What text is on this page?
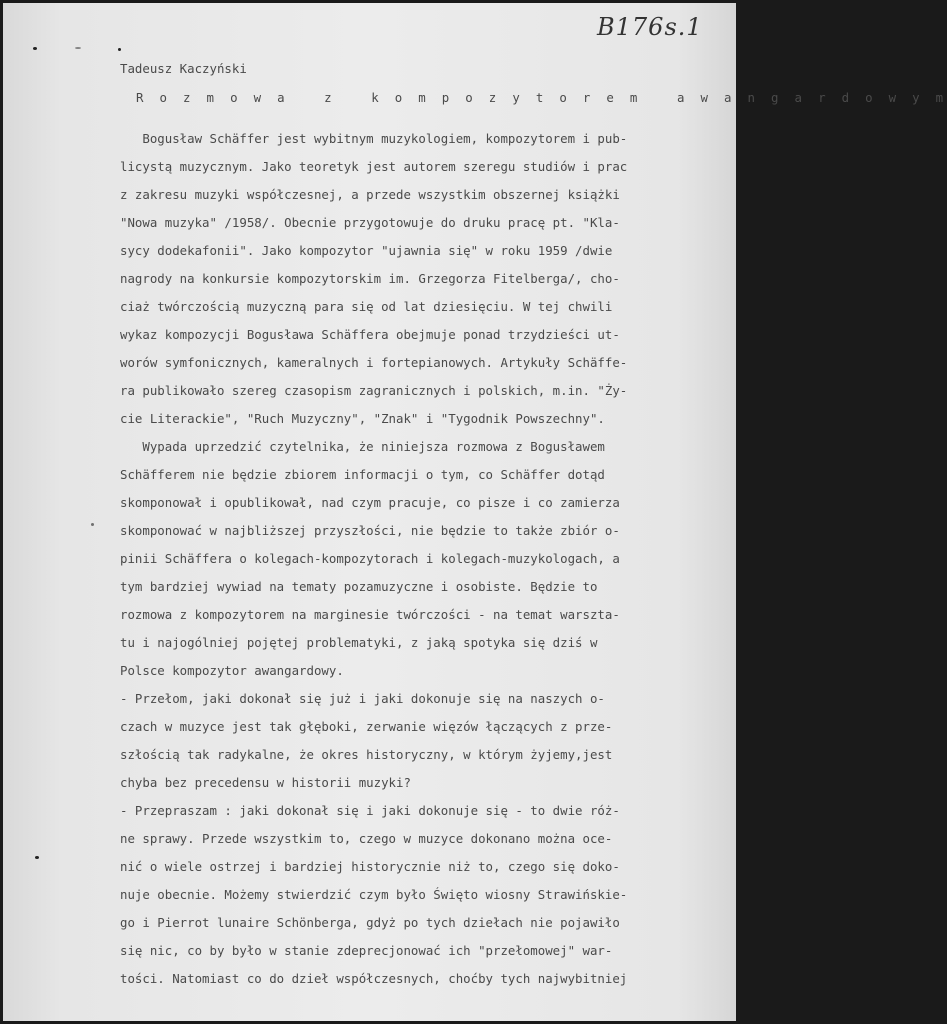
B176s.1
Tadeusz Kaczyński
R o z m o w a   z   k o m p o z y t o r e m   a w a n g a r d o w y m
Bogusław Schäffer jest wybitnym muzykologiem, kompozytorem i pub-
licystą muzycznym. Jako teoretyk jest autorem szeregu studiów i prac
z zakresu muzyki współczesnej, a przede wszystkim obszernej książki
"Nowa muzyka" /1958/. Obecnie przygotowuje do druku pracę pt. "Kla-
sycy dodekafonii". Jako kompozytor "ujawnia się" w roku 1959 /dwie
nagrody na konkursie kompozytorskim im. Grzegorza Fitelberga/, cho-
ciaż twórczością muzyczną para się od lat dziesięciu. W tej chwili
wykaz kompozycji Bogusława Schäffera obejmuje ponad trzydzieści ut-
worów symfonicznych, kameralnych i fortepianowych. Artykuły Schäffe-
ra publikowało szereg czasopism zagranicznych i polskich, m.in. "Ży-
cie Literackie", "Ruch Muzyczny", "Znak" i "Tygodnik Powszechny".
Wypada uprzedzić czytelnika, że niniejsza rozmowa z Bogusławem
Schäfferem nie będzie zbiorem informacji o tym, co Schäffer dotąd
skomponował i opublikował, nad czym pracuje, co pisze i co zamierza
skomponować w najbliższej przyszłości, nie będzie to także zbiór o-
pinii Schäffera o kolegach-kompozytorach i kolegach-muzykologach, a
tym bardziej wywiad na tematy pozamuzyczne i osobiste. Będzie to
rozmowa z kompozytorem na marginesie twórczości - na temat warszta-
tu i najogólniej pojętej problematyki, z jaką spotyka się dziś w
Polsce kompozytor awangardowy.
- Przełom, jaki dokonał się już i jaki dokonuje się na naszych o-
czach w muzyce jest tak głęboki, zerwanie więzów łączących z prze-
szłością tak radykalne, że okres historyczny, w którym żyjemy,jest
chyba bez precedensu w historii muzyki?
- Przepraszam : jaki dokonał się i jaki dokonuje się - to dwie róż-
ne sprawy. Przede wszystkim to, czego w muzyce dokonano można oce-
nić o wiele ostrzej i bardziej historycznie niż to, czego się doko-
nuje obecnie. Możemy stwierdzić czym było Święto wiosny Strawińskie-
go i Pierrot lunaire Schönberga, gdyż po tych dziełach nie pojawiło
się nic, co by było w stanie zdeprecjonować ich "przełomowej" war-
tości. Natomiast co do dzieł współczesnych, choćby tych najwybitniej
